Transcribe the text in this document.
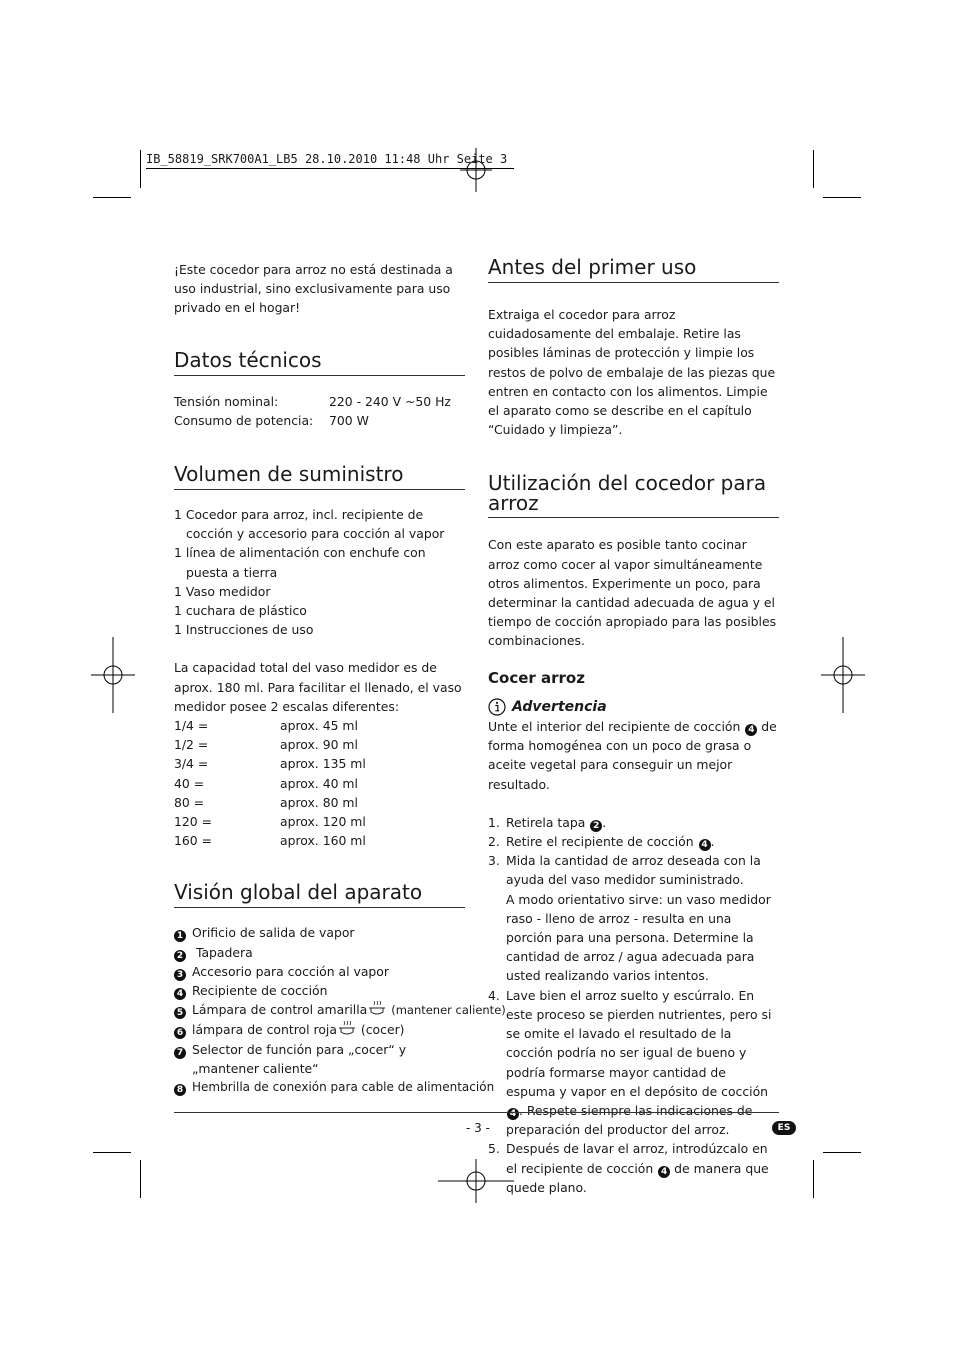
IB_58819_SRK700A1_LB5 28.10.2010 11:48 Uhr Seite 3

¡Este cocedor para arroz no está destinada a uso industrial, sino exclusivamente para uso privado en el hogar!

Datos técnicos
Tensión nominal:	220 - 240 V ~50 Hz
Consumo de potencia:	700 W
Volumen de suministro
1 Cocedor para arroz, incl. recipiente de cocción y accesorio para cocción al vapor
1 línea de alimentación con enchufe con puesta a tierra
1 Vaso medidor
1 cuchara de plástico
1 Instrucciones de uso

La capacidad total del vaso medidor es de aprox. 180 ml. Para facilitar el llenado, el vaso medidor posee 2 escalas diferentes:

1/4 =	aprox. 45 ml
1/2 =	aprox. 90 ml
3/4 =	aprox. 135 ml
40 =	aprox. 40 ml
80 =	aprox. 80 ml
120 =	aprox. 120 ml
160 =	aprox. 160 ml
Visión global del aparato
1 Orificio de salida de vapor
2 Tapadera
3 Accesorio para cocción al vapor
4 Recipiente de cocción
5 Lámpara de control amarilla (mantener caliente)
6 lámpara de control roja (cocer)
7 Selector de función para „cocer“ y „mantener caliente“
8 Hembrilla de conexión para cable de alimentación
Antes del primer uso

Extraiga el cocedor para arroz cuidadosamente del embalaje. Retire las posibles láminas de protección y limpie los restos de polvo de embalaje de las piezas que entren en contacto con los alimentos. Limpie el aparato como se describe en el capítulo “Cuidado y limpieza”.

Utilización del cocedor para arroz

Con este aparato es posible tanto cocinar arroz como cocer al vapor simultáneamente otros alimentos. Experimente un poco, para determinar la cantidad adecuada de agua y el tiempo de cocción apropiado para las posibles combinaciones.

Cocer arroz
Advertencia

Unte el interior del recipiente de cocción 4 de forma homogénea con un poco de grasa o aceite vegetal para conseguir un mejor resultado.

1. Retirela tapa 2 .
2. Retire el recipiente de cocción 4 .
3. Mida la cantidad de arroz deseada con la ayuda del vaso medidor suministrado.
A modo orientativo sirve: un vaso medidor raso - lleno de arroz - resulta en una porción para una persona. Determine la cantidad de arroz / agua adecuada para usted realizando varios intentos.
4. Lave bien el arroz suelto y escúrralo. En este proceso se pierden nutrientes, pero si se omite el lavado el resultado de la cocción podría no ser igual de bueno y podría formarse mayor cantidad de espuma y vapor en el depósito de cocción 4 . Respete siempre las indicaciones de preparación del productor del arroz.
5. Después de lavar el arroz, introdúzcalo en el recipiente de cocción 4 de manera que quede plano.
- 3 -	ES
